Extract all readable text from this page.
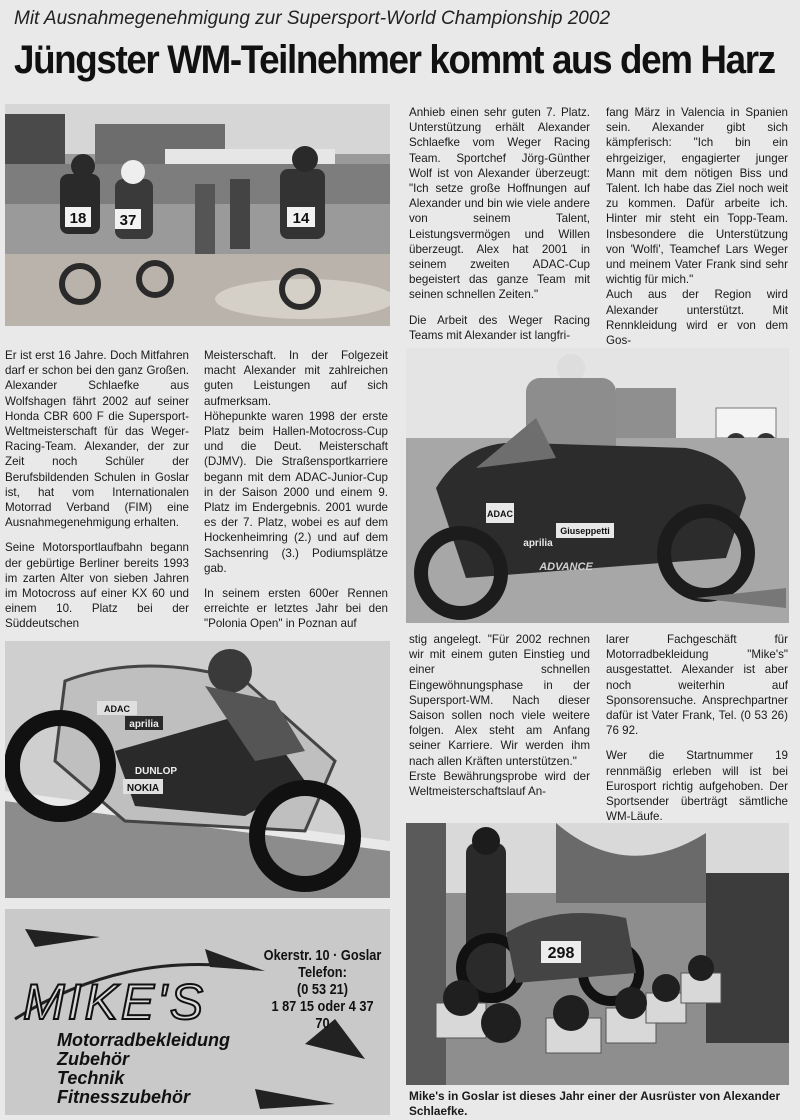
Mit Ausnahmegenehmigung zur Supersport-World Championship 2002
Jüngster WM-Teilnehmer kommt aus dem Harz
18 37	14

Er ist erst 16 Jahre. Doch Mitfahren darf er schon bei den ganz Großen. Alexander Schlaefke aus Wolfshagen fährt 2002 auf seiner Honda CBR 600 F die Supersport-Weltmeisterschaft für das Weger-Racing-Team. Alexander, der zur Zeit noch Schüler der Berufsbildenden Schulen in Goslar ist, hat vom Internationalen Motorrad Verband (FIM) eine Ausnahmegenehmigung erhalten.

Seine Motorsportlaufbahn begann der gebürtige Berliner bereits 1993 im zarten Alter von sieben Jahren im Motocross auf einer KX 60 und einem 10. Platz bei der Süddeutschen

Meisterschaft. In der Folgezeit macht Alexander mit zahlreichen guten Leistungen auf sich aufmerksam.

Höhepunkte waren 1998 der erste Platz beim Hallen-Motocross-Cup und die Deut. Meisterschaft (DJMV). Die Straßensportkarriere begann mit dem ADAC-Junior-Cup in der Saison 2000 und einem 9. Platz im Endergebnis. 2001 wurde es der 7. Platz, wobei es auf dem Hockenheimring (2.) und auf dem Sachsenring (3.) Podiumsplätze gab.

In seinem ersten 600er Rennen erreichte er letztes Jahr bei den "Polonia Open" in Poznan auf

Anhieb einen sehr guten 7. Platz. Unterstützung erhält Alexander Schlaefke vom Weger Racing Team. Sportchef Jörg-Günther Wolf ist von Alexander überzeugt: "Ich setze große Hoffnungen auf Alexander und bin wie viele andere von seinem Talent, Leistungsvermögen und Willen überzeugt. Alex hat 2001 in seinem zweiten ADAC-Cup begeistert das ganze Team mit seinen schnellen Zeiten."

Die Arbeit des Weger Racing Teams mit Alexander ist langfri-

fang März in Valencia in Spanien sein. Alexander gibt sich kämpferisch: "Ich bin ein ehrgeiziger, engagierter junger Mann mit dem nötigen Biss und Talent. Ich habe das Ziel noch weit zu kommen. Dafür arbeite ich. Hinter mir steht ein Topp-Team. Insbesondere die Unterstützung von 'Wolfi', Teamchef Lars Weger und meinem Vater Frank sind sehr wichtig für mich."

Auch aus der Region wird Alexander unterstützt. Mit Rennkleidung wird er von dem Gos-

ADAC
Giuseppetti
aprilia
ADVANCE

stig angelegt. "Für 2002 rechnen wir mit einem guten Einstieg und einer schnellen Eingewöhnungsphase in der Supersport-WM. Nach dieser Saison sollen noch viele weitere folgen. Alex steht am Anfang seiner Karriere. Wir werden ihm nach allen Kräften unterstützen."

Erste Bewährungsprobe wird der Weltmeisterschaftslauf An-

larer Fachgeschäft für Motorradbekleidung "Mike's" ausgestattet. Alexander ist aber noch weiterhin auf Sponsorensuche. Ansprechpartner dafür ist Vater Frank, Tel. (0 53 26) 76 92.

Wer die Startnummer 19 rennmäßig erleben will ist bei Eurosport richtig aufgehoben. Der Sportsender überträgt sämtliche WM-Läufe.

ADAC
aprilia
DUNLOP
NOKIA
Okerstr. 10 · Goslar
Telefon:
(0 53 21)
1 87 15 oder 4 37 70
MIKE'S
Motorradbekleidung
Zubehör
Technik
Fitnesszubehör
298
Mike's in Goslar ist dieses Jahr einer der Ausrüster von Alexander Schlaefke.
